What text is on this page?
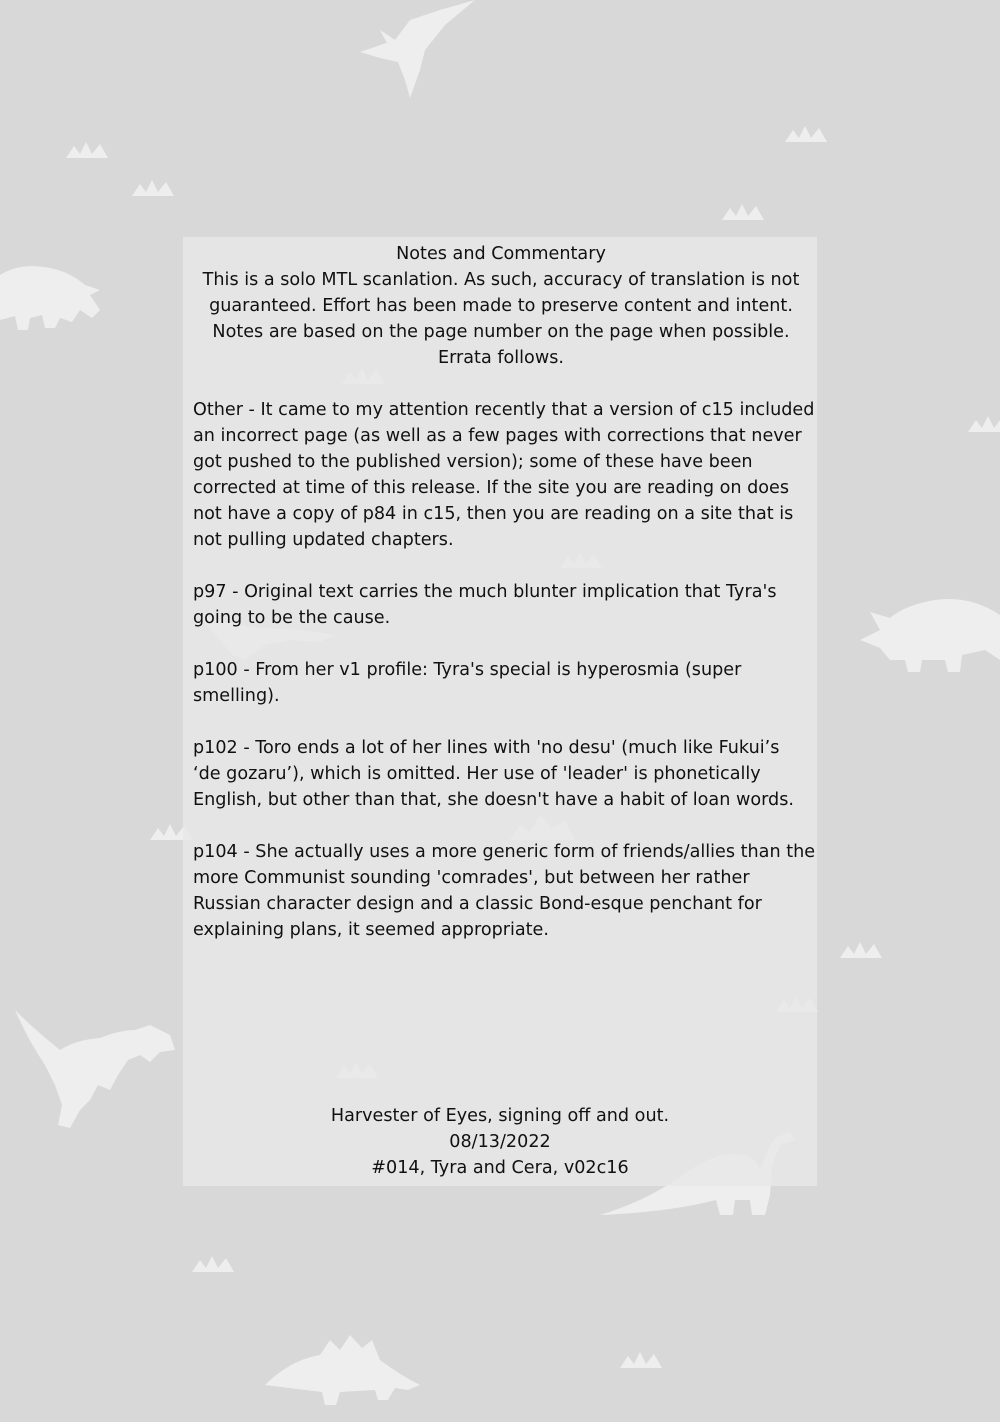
Notes and Commentary
This is a solo MTL scanlation. As such, accuracy of translation is not
guaranteed. Effort has been made to preserve content and intent.
Notes are based on the page number on the page when possible.
Errata follows.

Other - It came to my attention recently that a version of c15 included
an incorrect page (as well as a few pages with corrections that never
got pushed to the published version); some of these have been
corrected at time of this release. If the site you are reading on does
not have a copy of p84 in c15, then you are reading on a site that is
not pulling updated chapters.

p97 - Original text carries the much blunter implication that Tyra's
going to be the cause.

p100 - From her v1 profile: Tyra's special is hyperosmia (super
smelling).

p102 - Toro ends a lot of her lines with 'no desu' (much like Fukui’s
‘de gozaru’), which is omitted. Her use of 'leader' is phonetically
English, but other than that, she doesn't have a habit of loan words.

p104 - She actually uses a more generic form of friends/allies than the
more Communist sounding 'comrades', but between her rather
Russian character design and a classic Bond-esque penchant for
explaining plans, it seemed appropriate.

Harvester of Eyes, signing off and out.
08/13/2022
#014, Tyra and Cera, v02c16
